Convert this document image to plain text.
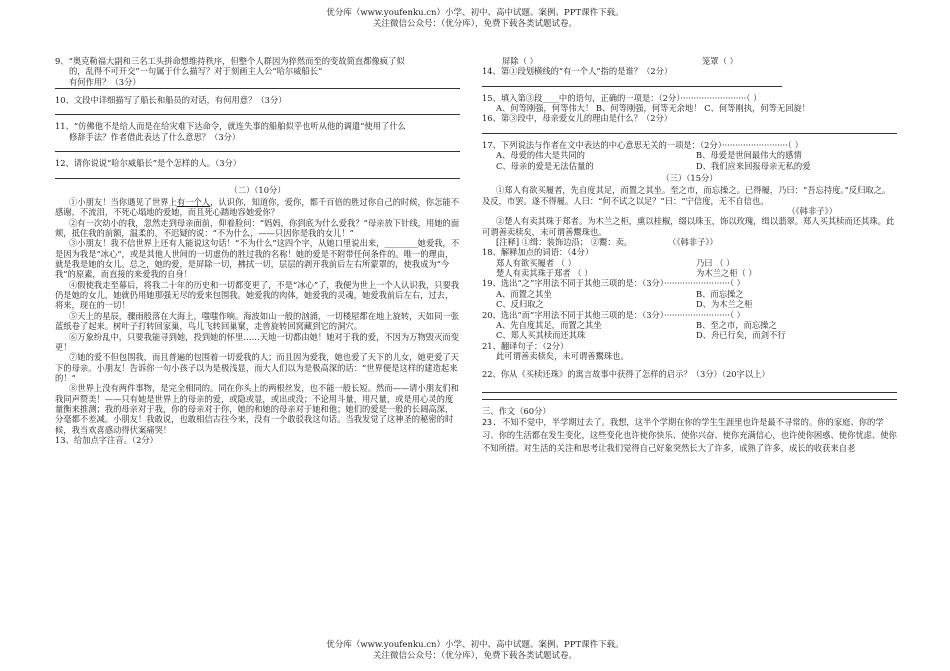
优分库（www.youfenku.cn）小学、初中、高中试题、案例、PPT课件下载。
关注微信公众号：（优分库），免费下载各类试题试卷。

9、“奥克勒福大副和三名工头拼命想维持秩序，但整个人群因为猝然而至的变故简直都像疯了似

的，乱得不可开交”一句属于什么描写？对于刻画主人公“哈尔威船长”

有何作用？（3分）

10、文段中详细描写了船长和船员的对话，有何用意？（3分）

11、“仿佛他不是给人而是在给灾难下达命令，就连失事的船舶似乎也听从他的调遣”使用了什么

修辞手法？作者借此表达了什么意思？（3分）

12、请你说说“哈尔威船长”是个怎样的人。（3分）

（二）（10分）

①小朋友！当你遇见了世界上有一个人，认识你，知道你，爱你，都千百倍的胜过你自己的时候，你怎能不感谢，不流泪，不死心塌地的爱她，而且死心踏地容她爱你？

②有一次幼小的我，忽然走到母亲面前，仰着脸问：“妈妈，你到底为什么爱我？”母亲放下针线，用她的面颊，抵住我的前额，温柔的，不迟疑的说：“不为什么，——只因你是我的女儿！”

③小朋友！我不信世界上还有人能说这句话！“不为什么”这四个字，从她口里说出来，________她爱我，不是因为我是“冰心”，或是其他人世间的一切虚伪的胜过我的名称！她的爱是不附带任何条件的。唯一的理由，就是我是她的女儿。总之，她的爱，是屏除一切，拂拭一切，层层的剥开我前后左右所蒙罩的，使我成为“今我”的原素，而直接的来爱我的自身！

④假使我走至幕后，将我二十年的历史和一切都变更了，不是“冰心”了，我便为世上一个人认识我，只要我仍是她的女儿，她就仍用她那强无尽的爱来包围我。她爱我的肉体，她爱我的灵魂，她爱我前后左右，过去，将来，现在的一切！

⑤天上的星辰，骤雨般落在大海上，嗤嗤作响。海波如山一般的汹涌，一切楼屋都在地上旋转，天如同一张蓝纸卷了起来。树叶子打转回家巢，鸟儿飞转回巢窠，走兽旋转回窝藏到它的洞穴。

⑥万象纷乱中，只要我能寻到她，投到她的怀里……天地一切都由她！她对于我的爱，不因为万物毁灭而变更！

⑦她的爱不但包围我，而且普遍的包围着一切爱我的人；而且因为爱我，她也爱了天下的儿女，她更爱了天下的母亲。小朋友！告诉你一句小孩子以为是极浅显，而大人们以为是极高深的话：“世界便是这样的建造起来的！”

⑧世界上没有两件事物，是完全相同的。同在你头上的两根丝发，也不能一般长短。然而——请小朋友们和我同声赞美！——只有她是世界上的母亲的爱，或隐或显，或出或没；不论用斗量，用尺量，或是用心灵的度量衡来推测；我的母亲对于我，你的母亲对于你，她的和她的母亲对于她和他；她们的爱是一般的长阔高深，分毫都不差减。小朋友！我敢说，也敢相信古往今来，没有一个敢驳我这句话。当我发觉了这神圣的秘密的时候，我当欢喜感动得伏案痛哭！

13、给加点字注音。（2分）

屏除（ ）	笼罩（ ）

14、第①段划横线的“有一个人”指的是谁？（2分）

15、填入第③段____中的语句，正确的一项是：（2分）·························（ ）

A、何等刚强，何等伟大！ B、何等刚强，何等无余地！ C、何等刚执，何等无回旋！

16、第③段中，母亲爱女儿的理由是什么？（2分）

17、下列说法与作者在文中表达的中心意思无关的一项是：（2分）·························（ ）

A、母爱的伟大是共同的	B、母爱是世间最伟大的感情

C、母亲的爱是无法估量的	D、我们应来回报母亲无私的爱

（三）（15分）

①郑人有欲买履者，先自度其足，而置之其坐。至之市，而忘操之。已得履，乃曰：“吾忘持度。”反归取之。及反，市罢。遂不得履。人曰：“何不试之以足？”曰：“宁信度，无不自信也。

（《韩非子》）

②楚人有卖其珠于郑者。为木兰之柜，熏以桂椒，缀以珠玉，饰以玫瑰，缉以翡翠。郑人买其椟而还其珠。此可谓善卖椟矣，未可谓善鬻珠也。

[注释] ①缉：装饰边沿； ②鬻：卖。	（《韩非子》）

18、解释加点的词语：（4分）

郑人有欲买履者 （ ）	乃曰 （ ）

楚人有卖其珠于郑者 （ ）	为木兰之柜（ ）

19、选出“之”字用法不同于其他三项的是：（3分）·························（ ）

A、而置之其坐	B、而忘操之

C、反归取之	D、为木兰之柜

20、选出“而”字用法不同于其他三项的是：（3分）·························（ ）

A、先自度其足，而置之其坐	B、至之市，而忘操之

C、郑人买其椟而还其珠	D、舟已行矣，而剑不行

21、翻译句子：（2分）

此可谓善卖椟矣，未可谓善鬻珠也。

22、你从《买椟还珠》的寓言故事中获得了怎样的启示？（3分）（20字以上）

三、作文（60分）

23. 不知不觉中，半学期过去了。我想，这半个学期在你的学生生涯里也许是最不寻常的。你的家庭、你的学习、你的生活都在发生变化，这些变化也许使你快乐、使你兴奋、使你充满信心，也许使你困惑、使你忧虑、使你不知所措。对生活的关注和思考让我们觉得自己好象突然长大了许多，成熟了许多，成长的收获来自老

优分库（www.youfenku.cn）小学、初中、高中试题、案例、PPT课件下载。
关注微信公众号：（优分库），免费下载各类试题试卷。
